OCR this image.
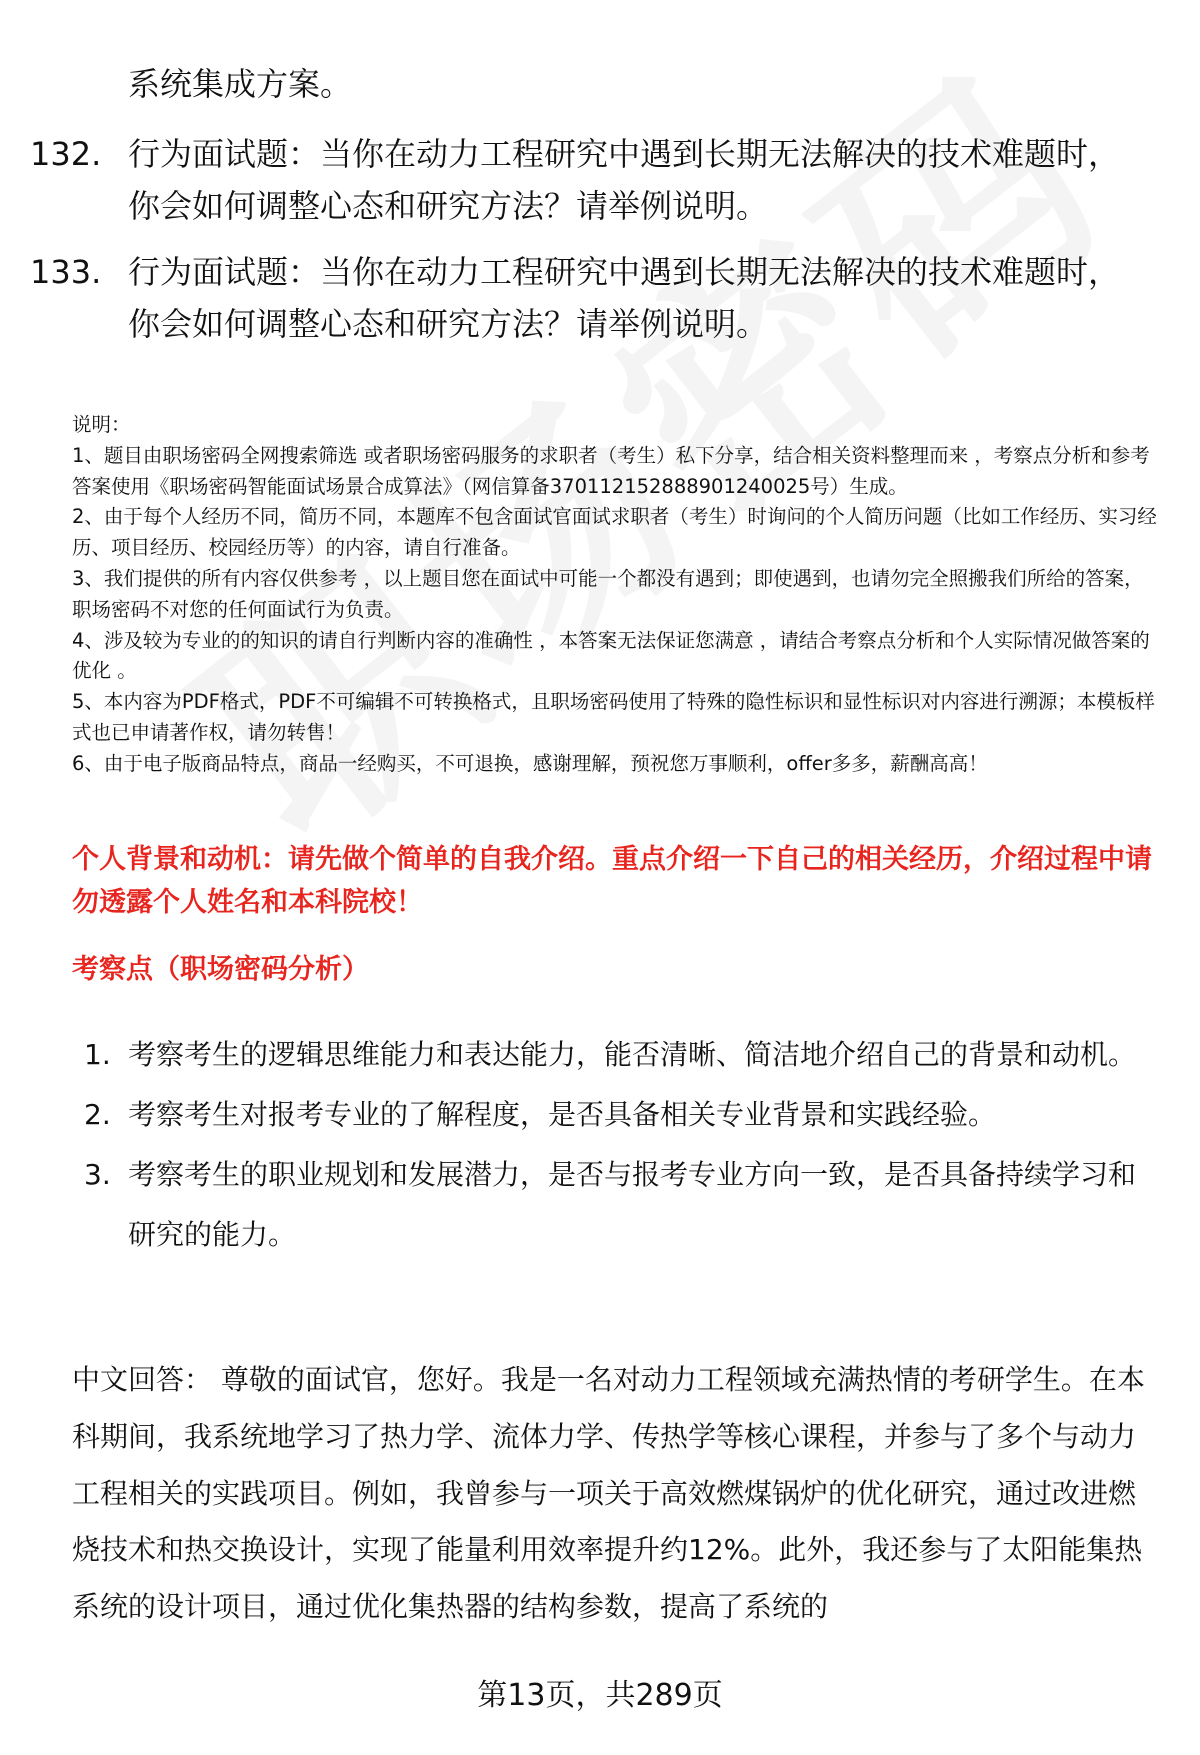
系统集成方案。
132. 行为面试题：当你在动力工程研究中遇到长期无法解决的技术难题时，你会如何调整心态和研究方法？请举例说明。
133. 行为面试题：当你在动力工程研究中遇到长期无法解决的技术难题时，你会如何调整心态和研究方法？请举例说明。

说明：

1、题目由职场密码全网搜索筛选 或者职场密码服务的求职者（考生）私下分享，结合相关资料整理而来 ，考察点分析和参考答案使用《职场密码智能面试场景合成算法》（网信算备370112152888901240025号）生成。

2、由于每个人经历不同，简历不同，本题库不包含面试官面试求职者（考生）时询问的个人简历问题（比如工作经历、实习经历、项目经历、校园经历等）的内容，请自行准备。

3、我们提供的所有内容仅供参考 ，以上题目您在面试中可能一个都没有遇到；即使遇到，也请勿完全照搬我们所给的答案，职场密码不对您的任何面试行为负责。

4、涉及较为专业的的知识的请自行判断内容的准确性 ，本答案无法保证您满意 ，请结合考察点分析和个人实际情况做答案的优化 。

5、本内容为PDF格式，PDF不可编辑不可转换格式，且职场密码使用了特殊的隐性标识和显性标识对内容进行溯源；本模板样式也已申请著作权，请勿转售！

6、由于电子版商品特点，商品一经购买，不可退换，感谢理解，预祝您万事顺利，offer多多，薪酬高高！

个人背景和动机：请先做个简单的自我介绍。重点介绍一下自己的相关经历，介绍过程中请勿透露个人姓名和本科院校！
考察点（职场密码分析）
1. 考察考生的逻辑思维能力和表达能力，能否清晰、简洁地介绍自己的背景和动机。
2. 考察考生对报考专业的了解程度，是否具备相关专业背景和实践经验。
3. 考察考生的职业规划和发展潜力，是否与报考专业方向一致，是否具备持续学习和研究的能力。
中文回答： 尊敬的面试官，您好。我是一名对动力工程领域充满热情的考研学生。在本科期间，我系统地学习了热力学、流体力学、传热学等核心课程，并参与了多个与动力工程相关的实践项目。例如，我曾参与一项关于高效燃煤锅炉的优化研究，通过改进燃烧技术和热交换设计，实现了能量利用效率提升约12%。此外，我还参与了太阳能集热系统的设计项目，通过优化集热器的结构参数，提高了系统的
第13页，共289页
